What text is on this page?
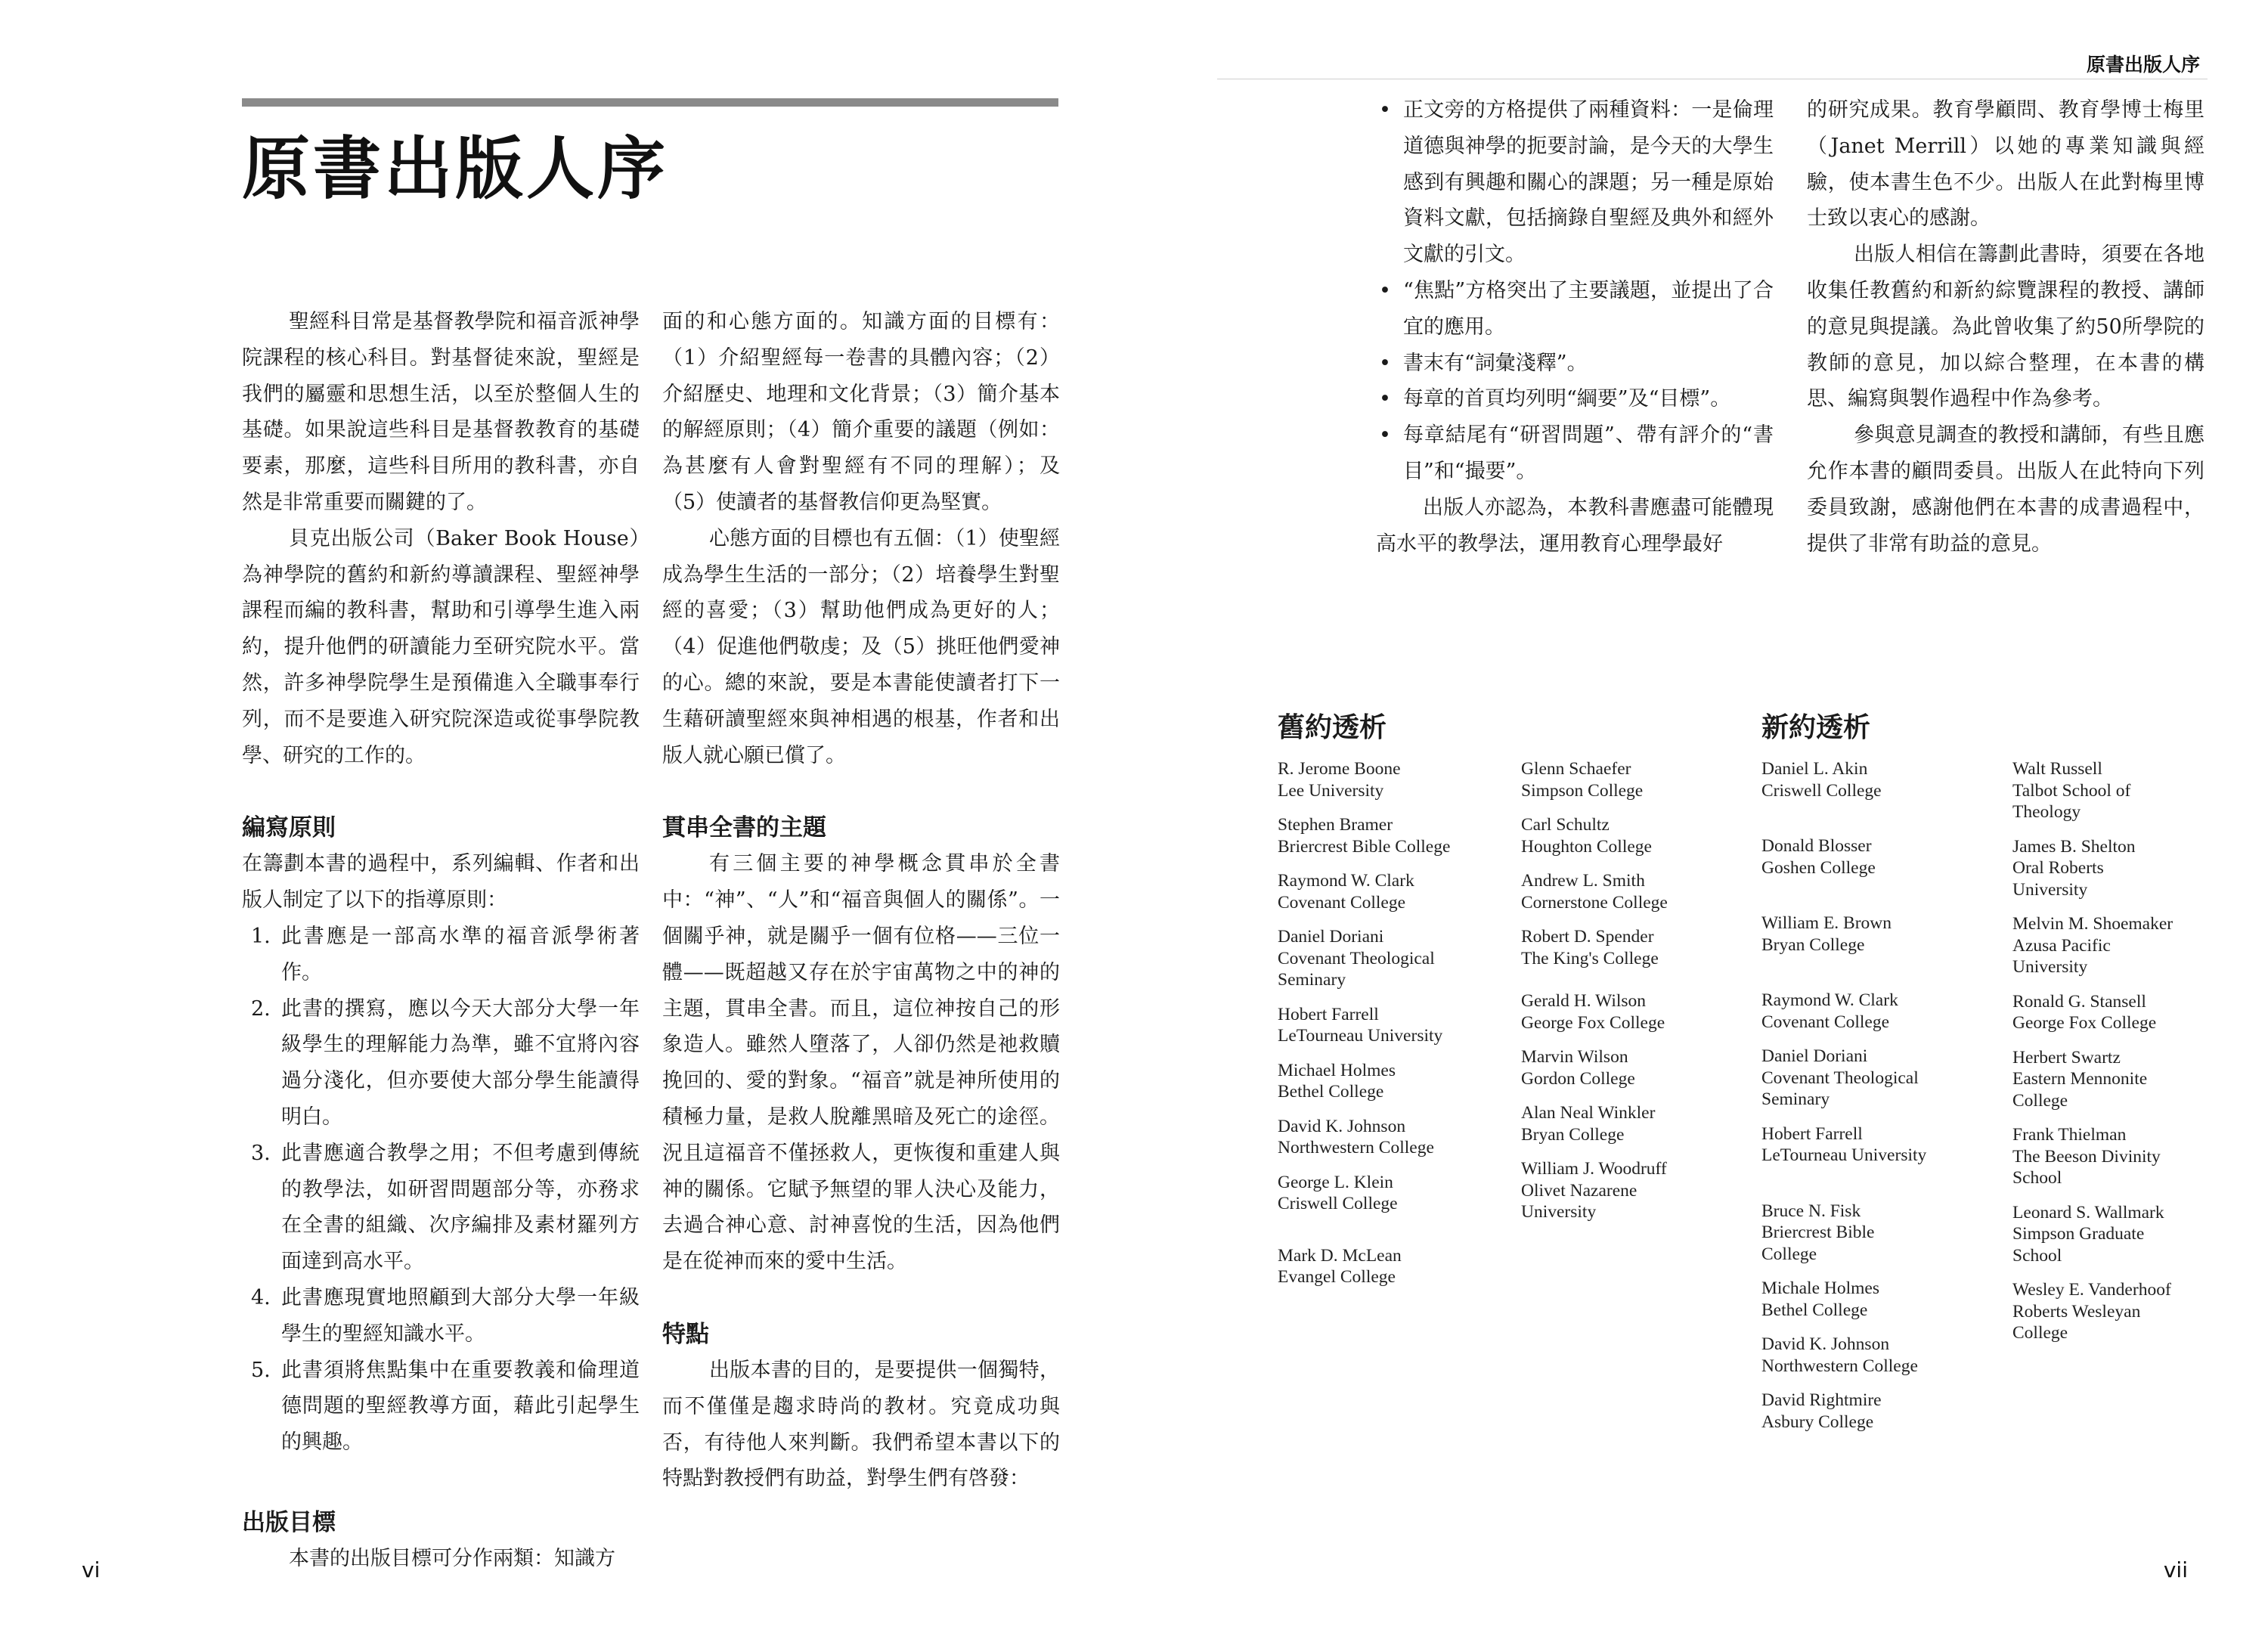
原書出版人序
原書出版人序

聖經科目常是基督教學院和福音派神學院課程的核心科目。對基督徒來說，聖經是我們的屬靈和思想生活，以至於整個人生的基礎。如果說這些科目是基督教教育的基礎要素，那麼，這些科目所用的教科書，亦自然是非常重要而關鍵的了。

貝克出版公司（Baker Book House）為神學院的舊約和新約導讀課程、聖經神學課程而編的教科書，幫助和引導學生進入兩約，提升他們的研讀能力至研究院水平。當然，許多神學院學生是預備進入全職事奉行列，而不是要進入研究院深造或從事學院教學、研究的工作的。

編寫原則

在籌劃本書的過程中，系列編輯、作者和出版人制定了以下的指導原則：

1. 此書應是一部高水準的福音派學術著作。
2. 此書的撰寫，應以今天大部分大學一年級學生的理解能力為準，雖不宜將內容過分淺化，但亦要使大部分學生能讀得明白。
3. 此書應適合教學之用；不但考慮到傳統的教學法，如研習問題部分等，亦務求在全書的組織、次序編排及素材羅列方面達到高水平。
4. 此書應現實地照顧到大部分大學一年級學生的聖經知識水平。
5. 此書須將焦點集中在重要教義和倫理道德問題的聖經教導方面，藉此引起學生的興趣。
出版目標

本書的出版目標可分作兩類：知識方

面的和心態方面的。知識方面的目標有：（1）介紹聖經每一卷書的具體內容；（2）介紹歷史、地理和文化背景；（3）簡介基本的解經原則；（4）簡介重要的議題（例如：為甚麼有人會對聖經有不同的理解）；及（5）使讀者的基督教信仰更為堅實。

心態方面的目標也有五個：（1）使聖經成為學生生活的一部分；（2）培養學生對聖經的喜愛；（3）幫助他們成為更好的人；（4）促進他們敬虔；及（5）挑旺他們愛神的心。總的來說，要是本書能使讀者打下一生藉研讀聖經來與神相遇的根基，作者和出版人就心願已償了。

貫串全書的主題

有三個主要的神學概念貫串於全書中：“神”、“人”和“福音與個人的關係”。一個關乎神，就是關乎一個有位格——三位一體——既超越又存在於宇宙萬物之中的神的主題，貫串全書。而且，這位神按自己的形象造人。雖然人墮落了，人卻仍然是祂救贖挽回的、愛的對象。“福音”就是神所使用的積極力量，是救人脫離黑暗及死亡的途徑。況且這福音不僅拯救人，更恢復和重建人與神的關係。它賦予無望的罪人決心及能力，去過合神心意、討神喜悅的生活，因為他們是在從神而來的愛中生活。

特點

出版本書的目的，是要提供一個獨特，而不僅僅是趨求時尚的教材。究竟成功與否，有待他人來判斷。我們希望本書以下的特點對教授們有助益，對學生們有啓發：

• 正文旁的方格提供了兩種資料：一是倫理道德與神學的扼要討論，是今天的大學生感到有興趣和關心的課題；另一種是原始資料文獻，包括摘錄自聖經及典外和經外文獻的引文。
• “焦點”方格突出了主要議題，並提出了合宜的應用。
• 書末有“詞彙淺釋”。
• 每章的首頁均列明“綱要”及“目標”。
• 每章結尾有“研習問題”、帶有評介的“書目”和“撮要”。

出版人亦認為，本教科書應盡可能體現高水平的教學法，運用教育心理學最好

的研究成果。教育學顧問、教育學博士梅里（Janet Merrill）以她的專業知識與經驗，使本書生色不少。出版人在此對梅里博士致以衷心的感謝。

出版人相信在籌劃此書時，須要在各地收集任教舊約和新約綜覽課程的教授、講師的意見與提議。為此曾收集了約50所學院的教師的意見，加以綜合整理，在本書的構思、編寫與製作過程中作為參考。

參與意見調查的教授和講師，有些且應允作本書的顧問委員。出版人在此特向下列委員致謝，感謝他們在本書的成書過程中，提供了非常有助益的意見。

舊約透析
R. Jerome Boone
Lee University
Stephen Bramer
Briercrest Bible College
Raymond W. Clark
Covenant College
Daniel Doriani
Covenant Theological
Seminary
Hobert Farrell
LeTourneau University
Michael Holmes
Bethel College
David K. Johnson
Northwestern College
George L. Klein
Criswell College
Mark D. McLean
Evangel College
Glenn Schaefer
Simpson College
Carl Schultz
Houghton College
Andrew L. Smith
Cornerstone College
Robert D. Spender
The King's College
Gerald H. Wilson
George Fox College
Marvin Wilson
Gordon College
Alan Neal Winkler
Bryan College
William J. Woodruff
Olivet Nazarene
University
新約透析
Daniel L. Akin
Criswell College
Donald Blosser
Goshen College
William E. Brown
Bryan College
Raymond W. Clark
Covenant College
Daniel Doriani
Covenant Theological
Seminary
Hobert Farrell
LeTourneau University
Bruce N. Fisk
Briercrest Bible
College
Michale Holmes
Bethel College
David K. Johnson
Northwestern College
David Rightmire
Asbury College
Walt Russell
Talbot School of
Theology
James B. Shelton
Oral Roberts
University
Melvin M. Shoemaker
Azusa Pacific
University
Ronald G. Stansell
George Fox College
Herbert Swartz
Eastern Mennonite
College
Frank Thielman
The Beeson Divinity
School
Leonard S. Wallmark
Simpson Graduate
School
Wesley E. Vanderhoof
Roberts Wesleyan
College
vi	vii
